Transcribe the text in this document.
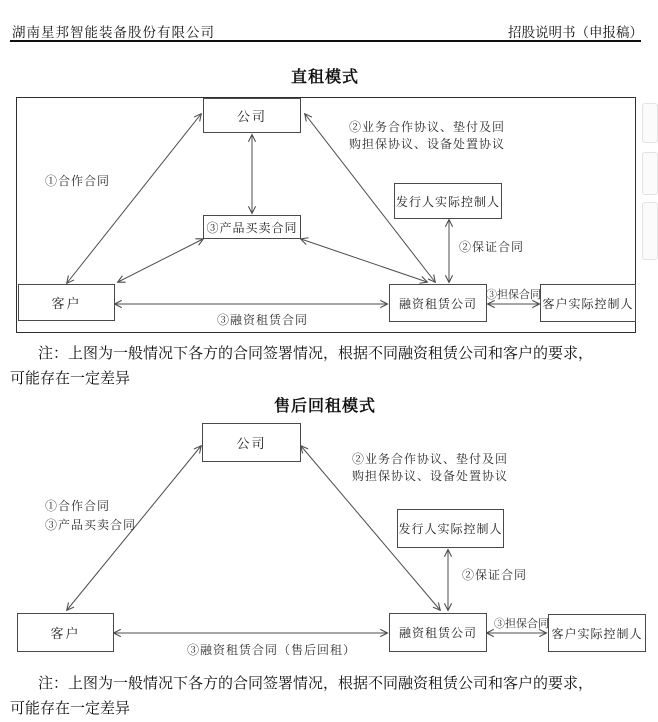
湖南星邦智能装备股份有限公司	招股说明书（申报稿）
直租模式
公司
③产品买卖合同
发行人实际控制人
客户	融资租赁公司	客户实际控制人
①合作合同
②业务合作协议、垫付及回
购担保协议、设备处置协议
②保证合同
③担保合同
③融资租赁合同
注：上图为一般情况下各方的合同签署情况，根据不同融资租赁公司和客户的要求，
可能存在一定差异
售后回租模式
公司
发行人实际控制人
客户	融资租赁公司	客户实际控制人
①合作合同
③产品买卖合同
②业务合作协议、垫付及回
购担保协议、设备处置协议
②保证合同
③担保合同
③融资租赁合同（售后回租）
注：上图为一般情况下各方的合同签署情况，根据不同融资租赁公司和客户的要求，
可能存在一定差异
